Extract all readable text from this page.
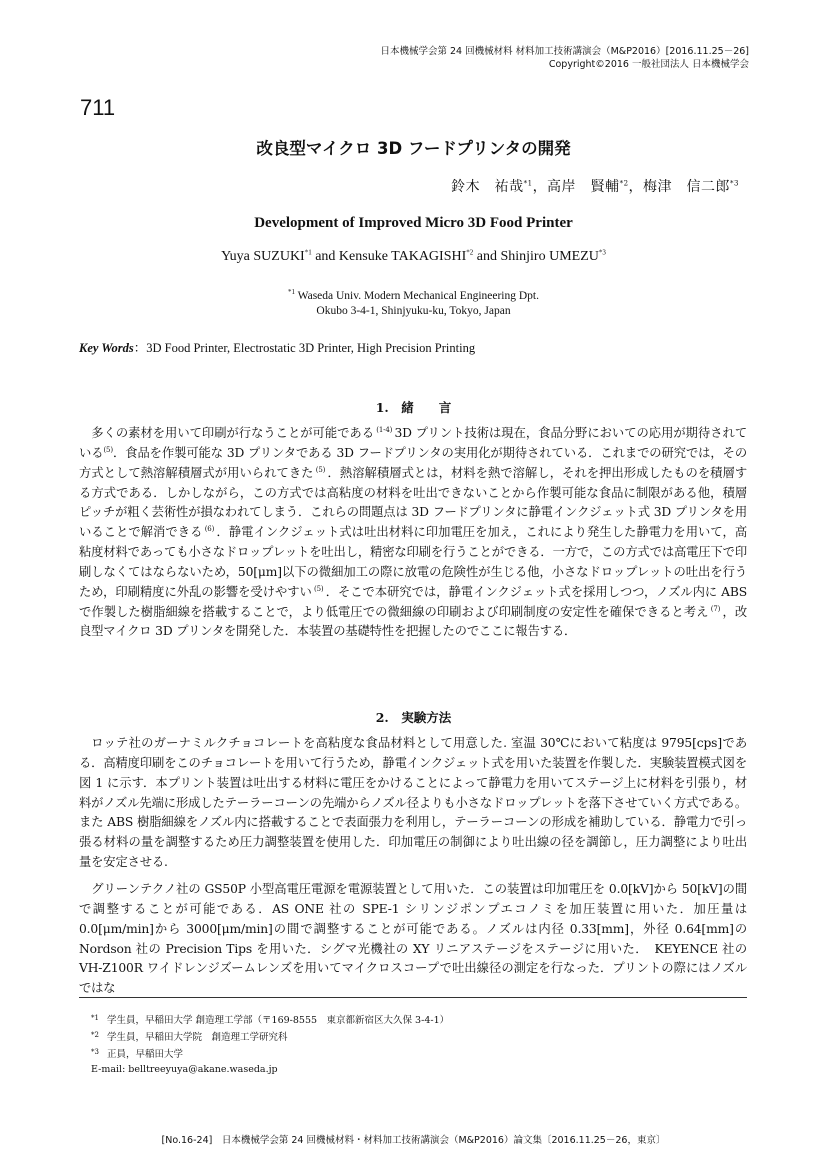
日本機械学会第 24 回機械材料 材料加工技術講演会（M&P2016）[2016.11.25－26]
Copyright©2016 一般社団法人 日本機械学会
711
改良型マイクロ 3D フードプリンタの開発
鈴木　祐哉$^{*1}$，高岸　賢輔$^{*2}$，梅津　信二郎$^{*3}$
Development of Improved Micro 3D Food Printer
Yuya SUZUKI$^{*1}$ and Kensuke TAKAGISHI$^{*2}$ and Shinjiro UMEZU$^{*3}$
$^{*1}$ Waseda Univ. Modern Mechanical Engineering Dpt.
Okubo 3-4-1, Shinjyuku-ku, Tokyo, Japan
Key Words：3D Food Printer, Electrostatic 3D Printer, High Precision Printing
1.　緒　　言

多くの素材を用いて印刷が行なうことが可能である $^{(1-4)}$ 3D プリント技術は現在，食品分野においての応用が期待されている$^{(5)}$．食品を作製可能な 3D プリンタである 3D フードプリンタの実用化が期待されている．これまでの研究では，その方式として熱溶解積層式が用いられてきた $^{(5)}$ ．熱溶解積層式とは，材料を熱で溶解し，それを押出形成したものを積層する方式である．しかしながら，この方式では高粘度の材料を吐出できないことから作製可能な食品に制限がある他，積層ピッチが粗く芸術性が損なわれてしまう．これらの問題点は 3D フードプリンタに静電インクジェット式 3D プリンタを用いることで解消できる $^{(6)}$ ．静電インクジェット式は吐出材料に印加電圧を加え，これにより発生した静電力を用いて，高粘度材料であっても小さなドロップレットを吐出し，精密な印刷を行うことができる．一方で，この方式では高電圧下で印刷しなくてはならないため，50[μm]以下の微細加工の際に放電の危険性が生じる他，小さなドロップレットの吐出を行うため，印刷精度に外乱の影響を受けやすい $^{(5)}$ ．そこで本研究では，静電インクジェット式を採用しつつ，ノズル内に ABS で作製した樹脂細線を搭載することで，より低電圧での微細線の印刷および印刷制度の安定性を確保できると考え $^{(7)}$ ，改良型マイクロ 3D プリンタを開発した．本装置の基礎特性を把握したのでここに報告する．

2.　実験方法

ロッテ社のガーナミルクチョコレートを高粘度な食品材料として用意した. 室温 30℃において粘度は 9795[cps]である．高精度印刷をこのチョコレートを用いて行うため，静電インクジェット式を用いた装置を作製した．実験装置模式図を図 1 に示す．本プリント装置は吐出する材料に電圧をかけることによって静電力を用いてステージ上に材料を引張り，材料がノズル先端に形成したテーラーコーンの先端からノズル径よりも小さなドロップレットを落下させていく方式である。また ABS 樹脂細線をノズル内に搭載することで表面張力を利用し，テーラーコーンの形成を補助している．静電力で引っ張る材料の量を調整するため圧力調整装置を使用した．印加電圧の制御により吐出線の径を調節し，圧力調整により吐出量を安定させる.

グリーンテクノ社の GS50P 小型高電圧電源を電源装置として用いた．この装置は印加電圧を 0.0[kV]から 50[kV]の間で調整することが可能である．AS ONE 社の SPE-1 シリンジポンプエコノミを加圧装置に用いた．加圧量は 0.0[μm/min]から 3000[μm/min]の間で調整することが可能である。ノズルは内径 0.33[mm]，外径 0.64[mm]の Nordson 社の Precision Tips を用いた．シグマ光機社の XY リニアステージをステージに用いた．　KEYENCE 社の VH-Z100R ワイドレンジズームレンズを用いてマイクロスコープで吐出線径の測定を行なった．プリントの際にはノズルではな

*1 学生員，早稲田大学 創造理工学部（〒169-8555　東京都新宿区大久保 3-4-1）
*2 学生員，早稲田大学院　創造理工学研究科
*3 正員，早稲田大学
E-mail: belltreeyuya@akane.waseda.jp
[No.16-24]　日本機械学会第 24 回機械材料・材料加工技術講演会（M&P2016）論文集〔2016.11.25－26，東京〕
